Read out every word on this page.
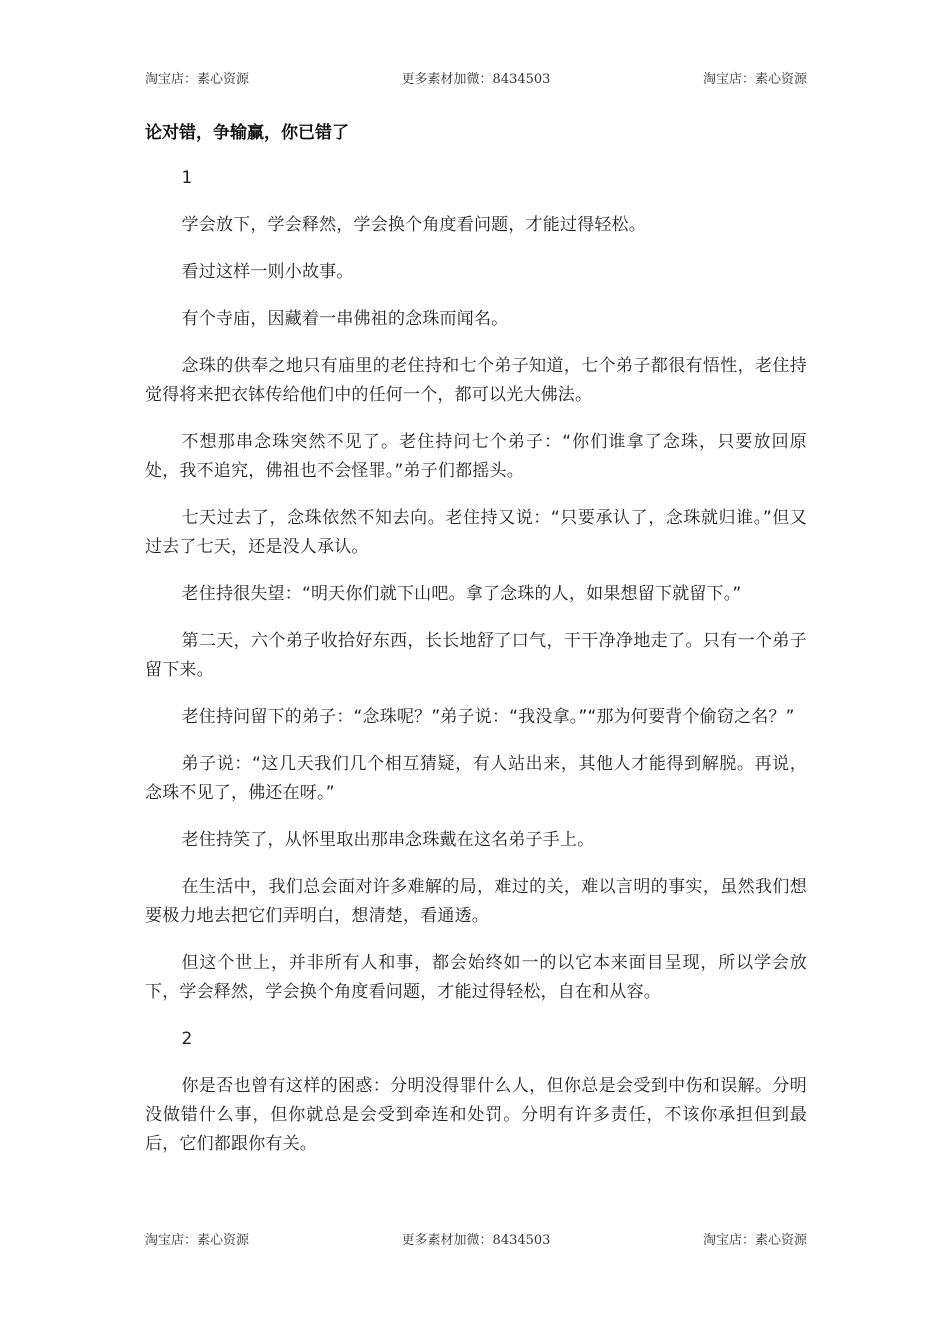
淘宝店：素心资源	更多素材加微：8434503	淘宝店：素心资源
论对错，争输赢，你已错了

1

学会放下，学会释然，学会换个角度看问题，才能过得轻松。

看过这样一则小故事。

有个寺庙，因藏着一串佛祖的念珠而闻名。

念珠的供奉之地只有庙里的老住持和七个弟子知道，七个弟子都很有悟性，老住持觉得将来把衣钵传给他们中的任何一个，都可以光大佛法。

不想那串念珠突然不见了。老住持问七个弟子：“你们谁拿了念珠，只要放回原处，我不追究，佛祖也不会怪罪。”弟子们都摇头。

七天过去了，念珠依然不知去向。老住持又说：“只要承认了，念珠就归谁。”但又过去了七天，还是没人承认。

老住持很失望：“明天你们就下山吧。拿了念珠的人，如果想留下就留下。”

第二天，六个弟子收拾好东西，长长地舒了口气，干干净净地走了。只有一个弟子留下来。

老住持问留下的弟子：“念珠呢？”弟子说：“我没拿。”“那为何要背个偷窃之名？”

弟子说：“这几天我们几个相互猜疑，有人站出来，其他人才能得到解脱。再说，念珠不见了，佛还在呀。”

老住持笑了，从怀里取出那串念珠戴在这名弟子手上。

在生活中，我们总会面对许多难解的局，难过的关，难以言明的事实，虽然我们想要极力地去把它们弄明白，想清楚，看通透。

但这个世上，并非所有人和事，都会始终如一的以它本来面目呈现，所以学会放下，学会释然，学会换个角度看问题，才能过得轻松，自在和从容。

2

你是否也曾有这样的困惑：分明没得罪什么人，但你总是会受到中伤和误解。分明没做错什么事，但你就总是会受到牵连和处罚。分明有许多责任，不该你承担但到最后，它们都跟你有关。

淘宝店：素心资源	更多素材加微：8434503	淘宝店：素心资源
